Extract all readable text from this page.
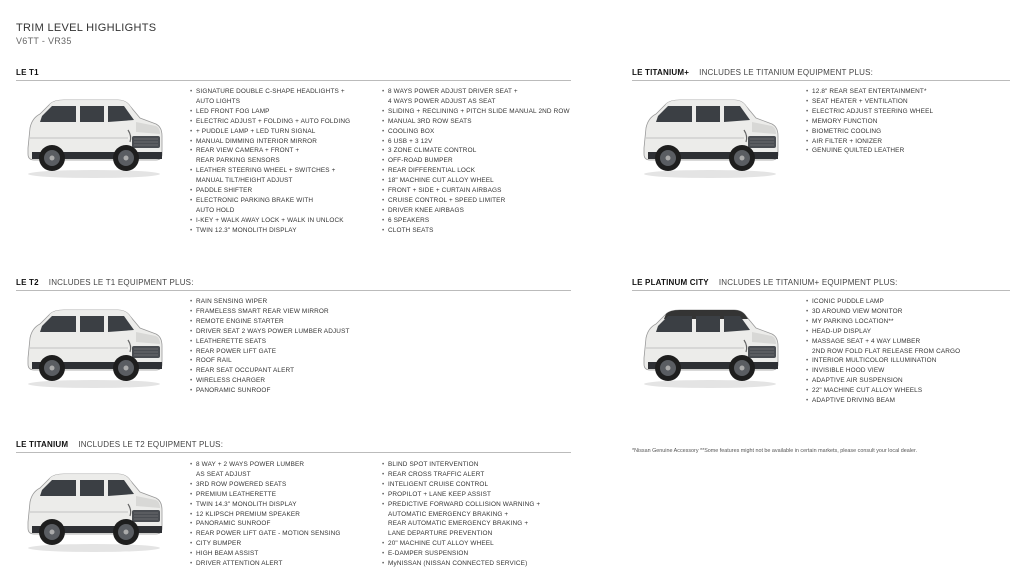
TRIM LEVEL HIGHLIGHTS
V6TT - VR35
LE T1
• SIGNATURE DOUBLE C-SHAPE HEADLIGHTS +
AUTO LIGHTS
• LED FRONT FOG LAMP
• ELECTRIC ADJUST + FOLDING + AUTO FOLDING
• + PUDDLE LAMP + LED TURN SIGNAL
• MANUAL DIMMING INTERIOR MIRROR
• REAR VIEW CAMERA + FRONT +
REAR PARKING SENSORS
• LEATHER STEERING WHEEL + SWITCHES +
MANUAL TILT/HEIGHT ADJUST
• PADDLE SHIFTER
• ELECTRONIC PARKING BRAKE WITH
AUTO HOLD
• I-KEY + WALK AWAY LOCK + WALK IN UNLOCK
• TWIN 12.3" MONOLITH DISPLAY
• 8 WAYS POWER ADJUST DRIVER SEAT +
4 WAYS POWER ADJUST AS SEAT
• SLIDING + RECLINING + PITCH SLIDE MANUAL 2ND ROW
• MANUAL 3RD ROW SEATS
• COOLING BOX
• 6 USB + 3 12V
• 3 ZONE CLIMATE CONTROL
• OFF-ROAD BUMPER
• REAR DIFFERENTIAL LOCK
• 18" MACHINE CUT ALLOY WHEEL
• FRONT + SIDE + CURTAIN AIRBAGS
• CRUISE CONTROL + SPEED LIMITER
• DRIVER KNEE AIRBAGS
• 6 SPEAKERS
• CLOTH SEATS
LE T2 INCLUDES LE T1 EQUIPMENT PLUS:
• RAIN SENSING WIPER
• FRAMELESS SMART REAR VIEW MIRROR
• REMOTE ENGINE STARTER
• DRIVER SEAT 2 WAYS POWER LUMBER ADJUST
• LEATHERETTE SEATS
• REAR POWER LIFT GATE
• ROOF RAIL
• REAR SEAT OCCUPANT ALERT
• WIRELESS CHARGER
• PANORAMIC SUNROOF
LE TITANIUM INCLUDES LE T2 EQUIPMENT PLUS:
• 8 WAY + 2 WAYS POWER LUMBER
AS SEAT ADJUST
• 3RD ROW POWERED SEATS
• PREMIUM LEATHERETTE
• TWIN 14.3" MONOLITH DISPLAY
• 12 KLIPSCH PREMIUM SPEAKER
• PANORAMIC SUNROOF
• REAR POWER LIFT GATE - MOTION SENSING
• CITY BUMPER
• HIGH BEAM ASSIST
• DRIVER ATTENTION ALERT
• BLIND SPOT INTERVENTION
• REAR CROSS TRAFFIC ALERT
• INTELIGENT CRUISE CONTROL
• PROPILOT + LANE KEEP ASSIST
• PREDICTIVE FORWARD COLLISION WARNING +
AUTOMATIC EMERGENCY BRAKING +
REAR AUTOMATIC EMERGENCY BRAKING +
LANE DEPARTURE PREVENTION
• 20" MACHINE CUT ALLOY WHEEL
• E-DAMPER SUSPENSION
• MyNISSAN (NISSAN CONNECTED SERVICE)
LE TITANIUM+ INCLUDES LE TITANIUM EQUIPMENT PLUS:
• 12.8" REAR SEAT ENTERTAINMENT*
• SEAT HEATER + VENTILATION
• ELECTRIC ADJUST STEERING WHEEL
• MEMORY FUNCTION
• BIOMETRIC COOLING
• AIR FILTER + IONIZER
• GENUINE QUILTED LEATHER
LE PLATINUM CITY INCLUDES LE TITANIUM+ EQUIPMENT PLUS:
• ICONIC PUDDLE LAMP
• 3D AROUND VIEW MONITOR
• MY PARKING LOCATION**
• HEAD-UP DISPLAY
• MASSAGE SEAT + 4 WAY LUMBER
2ND ROW FOLD FLAT RELEASE FROM CARGO
• INTERIOR MULTICOLOR ILLUMINATION
• INVISIBLE HOOD VIEW
• ADAPTIVE AIR SUSPENSION
• 22" MACHINE CUT ALLOY WHEELS
• ADAPTIVE DRIVING BEAM
*Nissan Genuine Accessory **Some features might not be available in certain markets, please consult your local dealer.
